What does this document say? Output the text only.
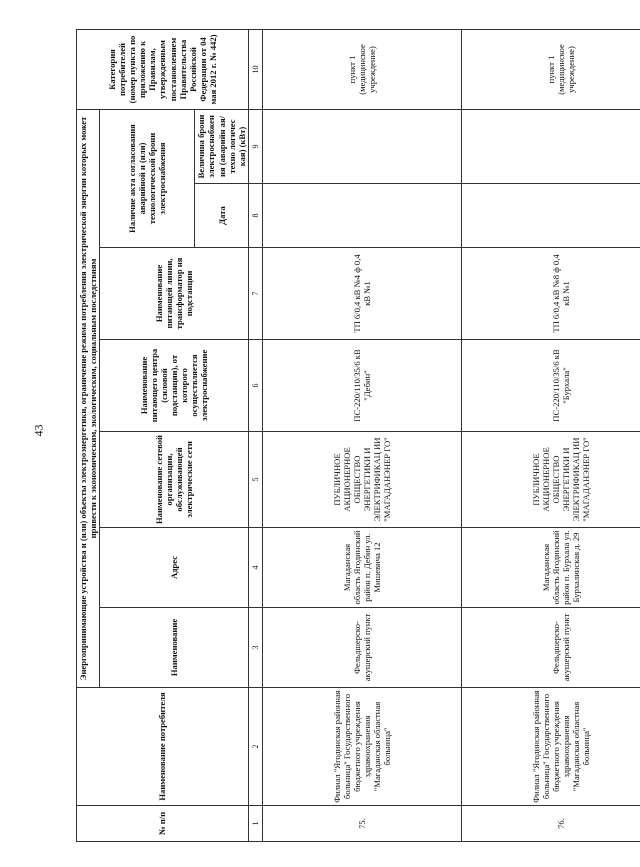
43
№ п/п	Наименование потребителя	Энергопринимающие устройства и (или) объекты электроэнергетики, ограничение режима потребления электрической энергии которых может привести к экономическим, экологическим, социальным последствиям							Категория потребителей (номер пункта по приложению к Правилам, утвержденным постановлением Правительства Российской Федерации от 04 мая 2012 г. № 442)
		Наименование	Адрес	Наименование сетевой организации, обслуживающей электрические сети	Наименование питающего центра (силовой подстанции), от которого осуществляется электроснабжение	Наименование питающей линии, трансформатор ня подстанции	Наличие акта согласования аварийной и (или) технологической брони электроснабжения		
							Дата	Величина брони электроснабжен ия (аварийн ая/техно логичес кая) (кВт)	
1	2	3	4	5	6	7	8	9	10
75.	Филиал "Ягодинская районная больница" Государственного бюджетного учреждения здравоохранения "Магаданская областная больница"	Фельдшерско-акушерский пункт	Магаданская область Ягодинский район п. Дебин ул. Мишевича 12	ПУБЛИЧНОЕ АКЦИОНЕРНОЕ ОБЩЕСТВО ЭНЕРГЕТИКИ И ЭЛЕКТРИФИКАЦ ИИ "МАГАДАНЭНЕР ГО"	ПС-220/110/35/6 кВ "Дебин"	ТП 6/0,4 кВ №4 ф 0,4 кВ №1			пункт 1 (медицинское учреждение)
76.	Филиал "Ягодинская районная больница" Государственного бюджетного учреждения здравоохранения "Магаданская областная больница"	Фельдшерско-акушерский пункт	Магаданская область Ягодинский район п. Бурхала ул. Бурхалинская д. 29	ПУБЛИЧНОЕ АКЦИОНЕРНОЕ ОБЩЕСТВО ЭНЕРГЕТИКИ И ЭЛЕКТРИФИКАЦ ИИ "МАГАДАНЭНЕР ГО"	ПС-220/110/35/6 кВ "Бурхала"	ТП 6/0,4 кВ №8 ф 0,4 кВ №1			пункт 1 (медицинское учреждение)
